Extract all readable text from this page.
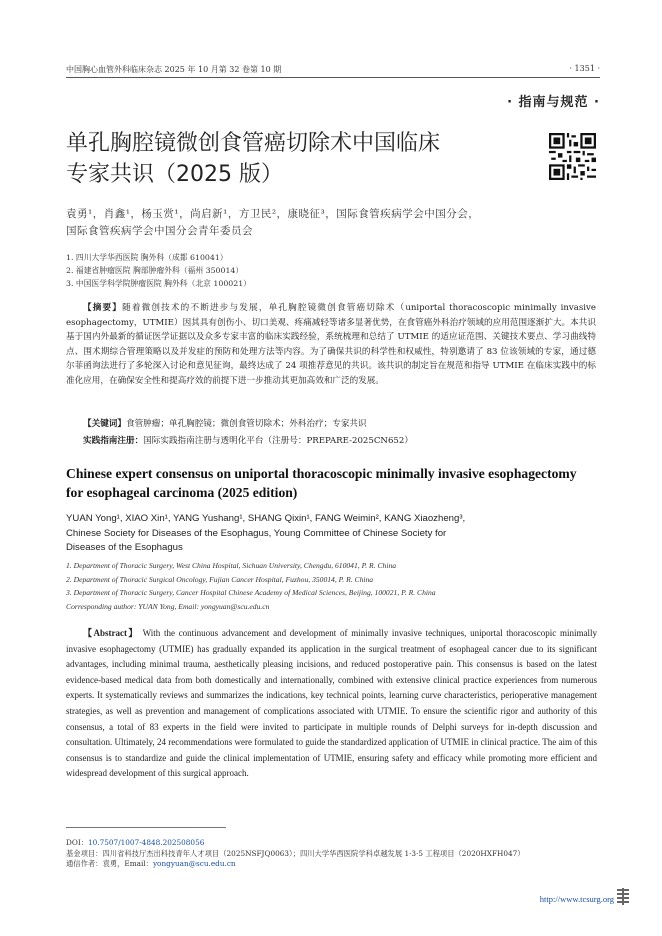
中国胸心血管外科临床杂志 2025 年 10 月第 32 卷第 10 期	· 1351 ·
· 指南与规范 ·
单孔胸腔镜微创食管癌切除术中国临床
专家共识（2025 版）
袁勇¹，肖鑫¹，杨玉赏¹，尚启新¹，方卫民²，康晓征³，国际食管疾病学会中国分会，
国际食管疾病学会中国分会青年委员会
1. 四川大学华西医院 胸外科（成都 610041）
2. 福建省肿瘤医院 胸部肿瘤外科（福州 350014）
3. 中国医学科学院肿瘤医院 胸外科（北京 100021）
【摘要】随着微创技术的不断进步与发展，单孔胸腔镜微创食管癌切除术（uniportal thoracoscopic minimally invasive esophagectomy，UTMIE）因其具有创伤小、切口美观、疼痛减轻等诸多显著优势，在食管癌外科治疗领域的应用范围逐渐扩大。本共识基于国内外最新的循证医学证据以及众多专家丰富的临床实践经验，系统梳理和总结了 UTMIE 的适应证范围、关键技术要点、学习曲线特点、围术期综合管理策略以及并发症的预防和处理方法等内容。为了确保共识的科学性和权威性，特别邀请了 83 位该领域的专家，通过德尔菲函询法进行了多轮深入讨论和意见征询，最终达成了 24 项推荐意见的共识。该共识的制定旨在规范和指导 UTMIE 在临床实践中的标准化应用，在确保安全性和提高疗效的前提下进一步推动其更加高效和广泛的发展。
【关键词】食管肿瘤；单孔胸腔镜；微创食管切除术；外科治疗；专家共识
实践指南注册：国际实践指南注册与透明化平台（注册号：PREPARE-2025CN652）
Chinese expert consensus on uniportal thoracoscopic minimally invasive esophagectomy for esophageal carcinoma (2025 edition)
YUAN Yong¹, XIAO Xin¹, YANG Yushang¹, SHANG Qixin¹, FANG Weimin², KANG Xiaozheng³,
Chinese Society for Diseases of the Esophagus, Young Committee of Chinese Society for
Diseases of the Esophagus
1. Department of Thoracic Surgery, West China Hospital, Sichuan University, Chengdu, 610041, P. R. China
2. Department of Thoracic Surgical Oncology, Fujian Cancer Hospital, Fuzhou, 350014, P. R. China
3. Department of Thoracic Surgery, Cancer Hospital Chinese Academy of Medical Sciences, Beijing, 100021, P. R. China
Corresponding author: YUAN Yong, Email: yongyuan@scu.edu.cn
【Abstract】 With the continuous advancement and development of minimally invasive techniques, uniportal thoracoscopic minimally invasive esophagectomy (UTMIE) has gradually expanded its application in the surgical treatment of esophageal cancer due to its significant advantages, including minimal trauma, aesthetically pleasing incisions, and reduced postoperative pain. This consensus is based on the latest evidence-based medical data from both domestically and internationally, combined with extensive clinical practice experiences from numerous experts. It systematically reviews and summarizes the indications, key technical points, learning curve characteristics, perioperative management strategies, as well as prevention and management of complications associated with UTMIE. To ensure the scientific rigor and authority of this consensus, a total of 83 experts in the field were invited to participate in multiple rounds of Delphi surveys for in-depth discussion and consultation. Ultimately, 24 recommendations were formulated to guide the standardized application of UTMIE in clinical practice. The aim of this consensus is to standardize and guide the clinical implementation of UTMIE, ensuring safety and efficacy while promoting more efficient and widespread development of this surgical approach.
DOI：10.7507/1007-4848.202508056
基金项目：四川省科技厅杰出科技青年人才项目（2025NSFJQ0063）；四川大学华西医院学科卓越发展 1·3·5 工程项目（2020HXFH047）
通信作者：袁勇，Email：yongyuan@scu.edu.cn
http://www.tcsurg.org
